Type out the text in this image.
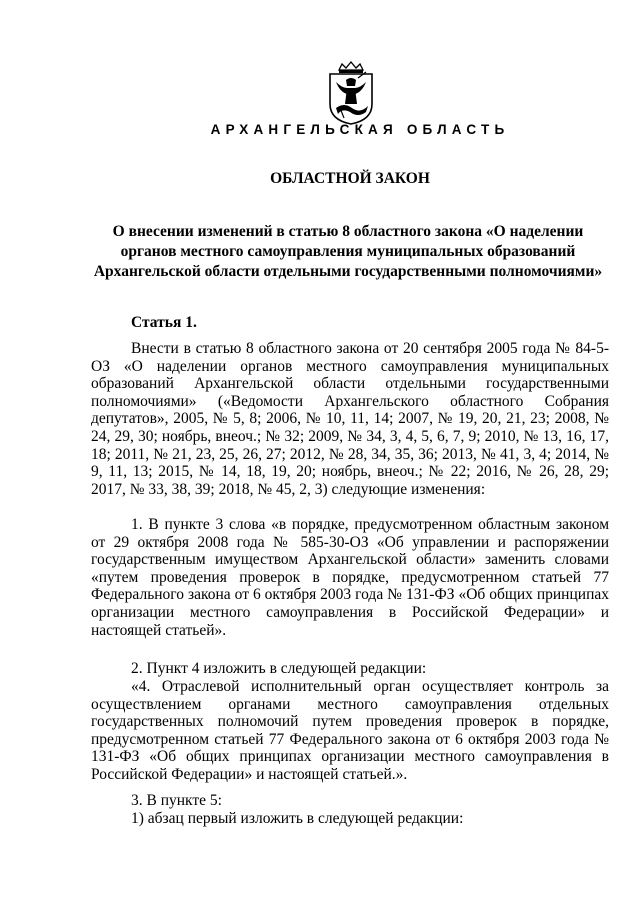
АРХАНГЕЛЬСКАЯ ОБЛАСТЬ
ОБЛАСТНОЙ ЗАКОН
О внесении изменений в статью 8 областного закона «О наделении органов местного самоуправления муниципальных образований Архангельской области отдельными государственными полномочиями»
Статья 1.

Внести в статью 8 областного закона от 20 сентября 2005 года № 84-5-ОЗ «О наделении органов местного самоуправления муниципальных образований Архангельской области отдельными государственными полномочиями» («Ведомости Архангельского областного Собрания депутатов», 2005, № 5, 8; 2006, № 10, 11, 14; 2007, № 19, 20, 21, 23; 2008, № 24, 29, 30; ноябрь, внеоч.; № 32; 2009, № 34, 3, 4, 5, 6, 7, 9; 2010, № 13, 16, 17, 18; 2011, № 21, 23, 25, 26, 27; 2012, № 28, 34, 35, 36; 2013, № 41, 3, 4; 2014, № 9, 11, 13; 2015, № 14, 18, 19, 20; ноябрь, внеоч.; № 22; 2016, № 26, 28, 29; 2017, № 33, 38, 39; 2018, № 45, 2, 3) следующие изменения:

1. В пункте 3 слова «в порядке, предусмотренном областным законом от 29 октября 2008 года № 585-30-ОЗ «Об управлении и распоряжении государственным имуществом Архангельской области» заменить словами «путем проведения проверок в порядке, предусмотренном статьей 77 Федерального закона от 6 октября 2003 года № 131-ФЗ «Об общих принципах организации местного самоуправления в Российской Федерации» и настоящей статьей».

2. Пункт 4 изложить в следующей редакции:

«4. Отраслевой исполнительный орган осуществляет контроль за осуществлением органами местного самоуправления отдельных государственных полномочий путем проведения проверок в порядке, предусмотренном статьей 77 Федерального закона от 6 октября 2003 года № 131-ФЗ «Об общих принципах организации местного самоуправления в Российской Федерации» и настоящей статьей.».

3. В пункте 5:

1) абзац первый изложить в следующей редакции:
